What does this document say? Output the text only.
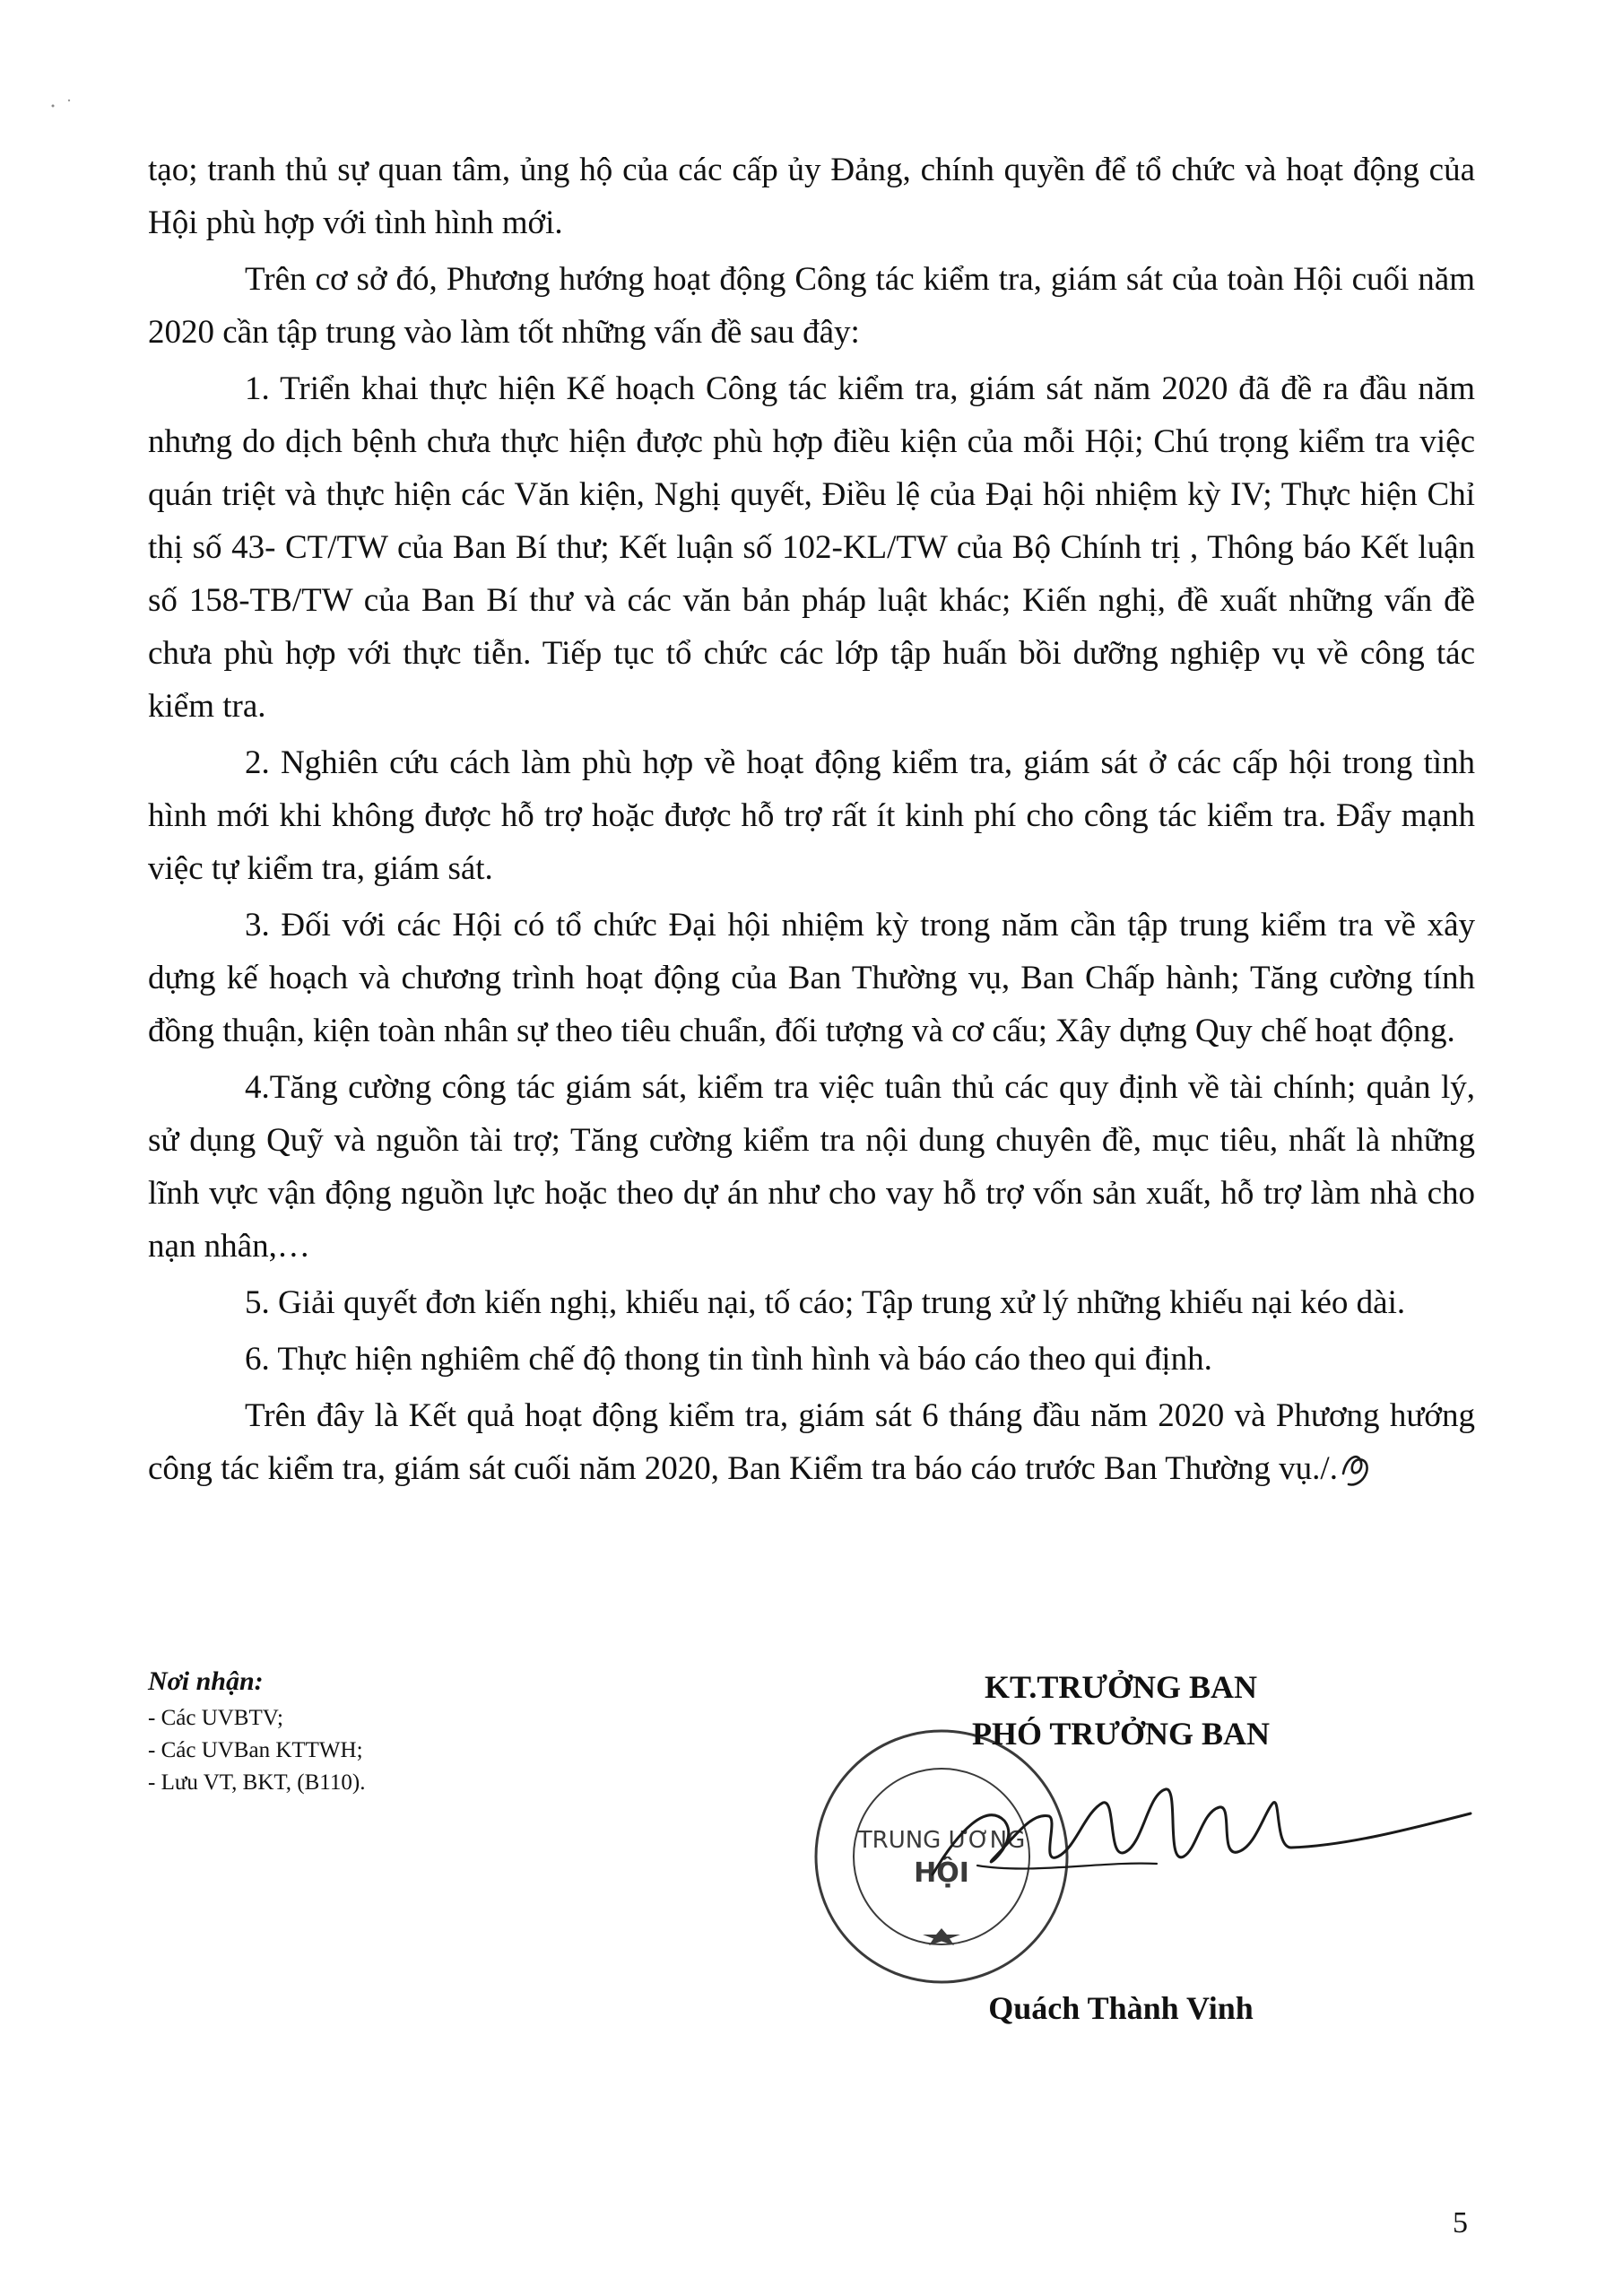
tạo; tranh thủ sự quan tâm, ủng hộ của các cấp ủy Đảng, chính quyền để tổ chức và hoạt động của Hội phù hợp với tình hình mới.

Trên cơ sở đó, Phương hướng hoạt động Công tác kiểm tra, giám sát của toàn Hội cuối năm 2020 cần tập trung vào làm tốt những vấn đề sau đây:

1. Triển khai thực hiện Kế hoạch Công tác kiểm tra, giám sát năm 2020 đã đề ra đầu năm nhưng do dịch bệnh chưa thực hiện được phù hợp điều kiện của mỗi Hội; Chú trọng kiểm tra việc quán triệt và thực hiện các Văn kiện, Nghị quyết, Điều lệ của Đại hội nhiệm kỳ IV; Thực hiện Chỉ thị số 43- CT/TW của Ban Bí thư; Kết luận số 102-KL/TW của Bộ Chính trị , Thông báo Kết luận số 158-TB/TW của Ban Bí thư và các văn bản pháp luật khác; Kiến nghị, đề xuất những vấn đề chưa phù hợp với thực tiễn. Tiếp tục tổ chức các lớp tập huấn bồi dưỡng nghiệp vụ về công tác kiểm tra.

2. Nghiên cứu cách làm phù hợp về hoạt động kiểm tra, giám sát ở các cấp hội trong tình hình mới khi không được hỗ trợ hoặc được hỗ trợ rất ít kinh phí cho công tác kiểm tra. Đẩy mạnh việc tự kiểm tra, giám sát.

3. Đối với các Hội có tổ chức Đại hội nhiệm kỳ trong năm cần tập trung kiểm tra về xây dựng kế hoạch và chương trình hoạt động của Ban Thường vụ, Ban Chấp hành; Tăng cường tính đồng thuận, kiện toàn nhân sự theo tiêu chuẩn, đối tượng và cơ cấu; Xây dựng Quy chế hoạt động.

4.Tăng cường công tác giám sát, kiểm tra việc tuân thủ các quy định về tài chính; quản lý, sử dụng Quỹ và nguồn tài trợ; Tăng cường kiểm tra nội dung chuyên đề, mục tiêu, nhất là những lĩnh vực vận động nguồn lực hoặc theo dự án như cho vay hỗ trợ vốn sản xuất, hỗ trợ làm nhà cho nạn nhân,…

5. Giải quyết đơn kiến nghị, khiếu nại, tố cáo; Tập trung xử lý những khiếu nại kéo dài.

6. Thực hiện nghiêm chế độ thong tin tình hình và báo cáo theo qui định.

Trên đây là Kết quả hoạt động kiểm tra, giám sát 6 tháng đầu năm 2020 và Phương hướng công tác kiểm tra, giám sát cuối năm 2020, Ban Kiểm tra báo cáo trước Ban Thường vụ./.

Nơi nhận:
- Các UVBTV;
- Các UVBan KTTWH;
- Lưu VT, BKT, (B110).
TRUNG ƯƠNG
HỘI
KT.TRƯỞNG BAN
PHÓ TRƯỞNG BAN
Quách Thành Vinh
5
